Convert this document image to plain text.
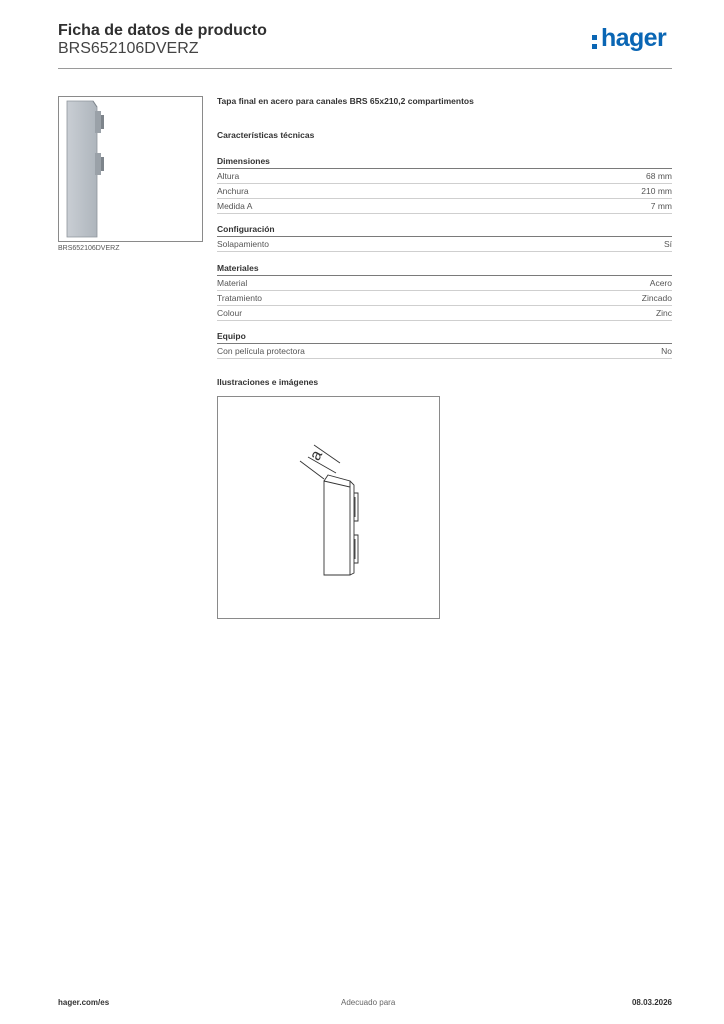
Ficha de datos de producto
BRS652106DVERZ	hager
BRS652106DVERZ
Tapa final en acero para canales BRS 65x210,2 compartimentos
Características técnicas
Dimensiones
Altura	68 mm
Anchura	210 mm
Medida A	7 mm
Configuración
Solapamiento	Sí
Materiales
Material	Acero
Tratamiento	Zincado
Colour	Zinc
Equipo
Con película protectora	No
Ilustraciones e imágenes
a
hager.com/es	Adecuado para	08.03.2026
